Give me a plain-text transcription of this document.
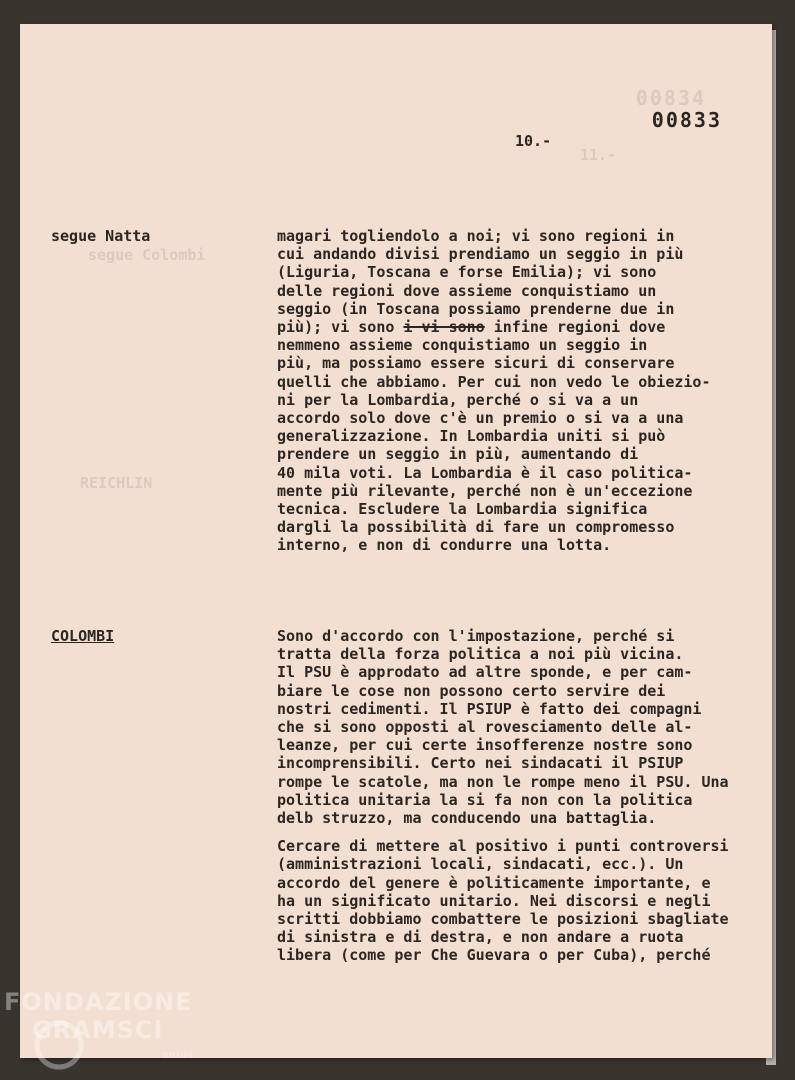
00834
11.-
segue Colombi
REICHLIN
00833
10.-
segue Natta	magari togliendolo a noi; vi sono regioni in
cui andando divisi prendiamo un seggio in più
(Liguria, Toscana e forse Emilia); vi sono
delle regioni dove assieme conquistiamo un
seggio (in Toscana possiamo prenderne due in
più); vi sono i vi sono infine regioni dove
nemmeno assieme conquistiamo un seggio in
più, ma possiamo essere sicuri di conservare
quelli che abbiamo. Per cui non vedo le obiezio-
ni per la Lombardia, perché o si va a un
accordo solo dove c'è un premio o si va a una
generalizzazione. In Lombardia uniti si può
prendere un seggio in più, aumentando di
40 mila voti. La Lombardia è il caso politica-
mente più rilevante, perché non è un'eccezione
tecnica. Escludere la Lombardia significa
dargli la possibilità di fare un compromesso
interno, e non di condurre una lotta.
COLOMBI	Sono d'accordo con l'impostazione, perché si
tratta della forza politica a noi più vicina.
Il PSU è approdato ad altre sponde, e per cam-
biare le cose non possono certo servire dei
nostri cedimenti. Il PSIUP è fatto dei compagni
che si sono opposti al rovesciamento delle al-
leanze, per cui certe insofferenze nostre sono
incomprensibili. Certo nei sindacati il PSIUP
rompe le scatole, ma non le rompe meno il PSU. Una
politica unitaria la si fa non con la politica
delb struzzo, ma conducendo una battaglia.
Cercare di mettere al positivo i punti controversi
(amministrazioni locali, sindacati, ecc.). Un
accordo del genere è politicamente importante, e
ha un significato unitario. Nei discorsi e negli
scritti dobbiamo combattere le posizioni sbagliate
di sinistra e di destra, e non andare a ruota
libera (come per Che Guevara o per Cuba), perché
FONDAZIONE
GRAMSCI
onlus
